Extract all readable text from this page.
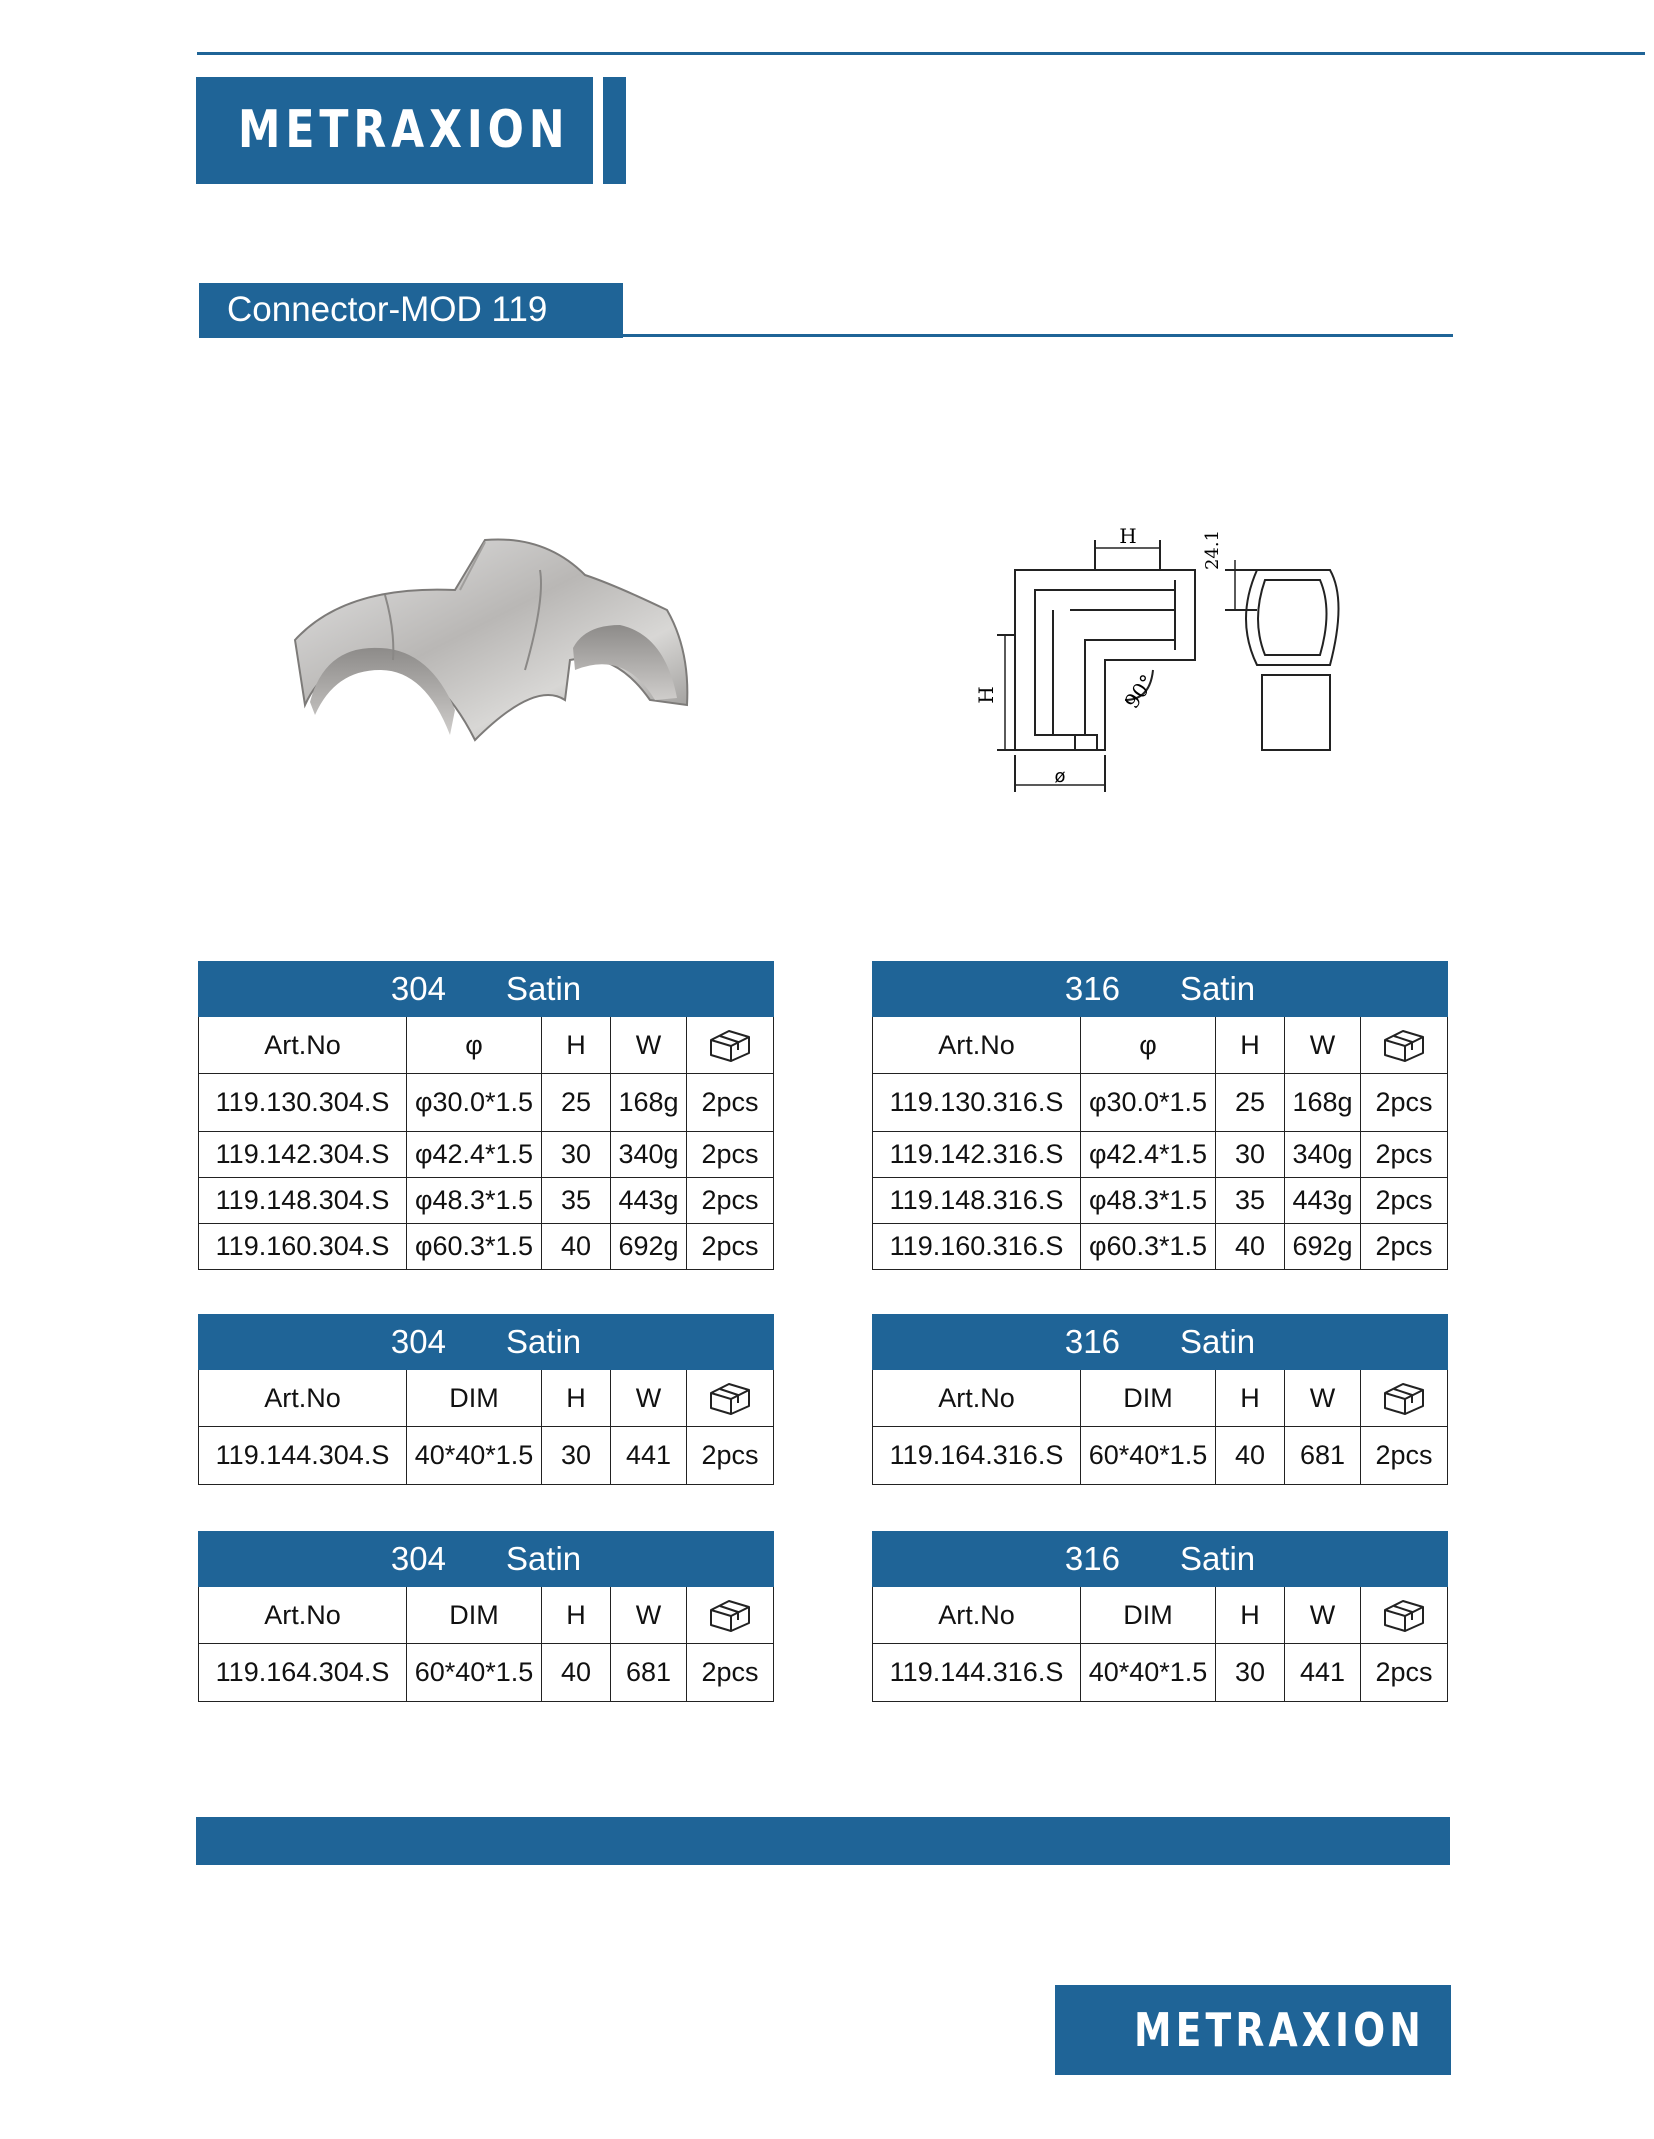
METRAXION
Connector-MOD 119
H
H
24.1
90°
ø
304 Satin				
Art.No	φ	H	W	
119.130.304.S	φ30.0*1.5	25	168g	2pcs
119.142.304.S	φ42.4*1.5	30	340g	2pcs
119.148.304.S	φ48.3*1.5	35	443g	2pcs
119.160.304.S	φ60.3*1.5	40	692g	2pcs
316 Satin				
Art.No	φ	H	W	
119.130.316.S	φ30.0*1.5	25	168g	2pcs
119.142.316.S	φ42.4*1.5	30	340g	2pcs
119.148.316.S	φ48.3*1.5	35	443g	2pcs
119.160.316.S	φ60.3*1.5	40	692g	2pcs
304 Satin				
Art.No	DIM	H	W	
119.144.304.S	40*40*1.5	30	441	2pcs
316 Satin				
Art.No	DIM	H	W	
119.164.316.S	60*40*1.5	40	681	2pcs
304 Satin				
Art.No	DIM	H	W	
119.164.304.S	60*40*1.5	40	681	2pcs
316 Satin				
Art.No	DIM	H	W	
119.144.316.S	40*40*1.5	30	441	2pcs
METRAXION
